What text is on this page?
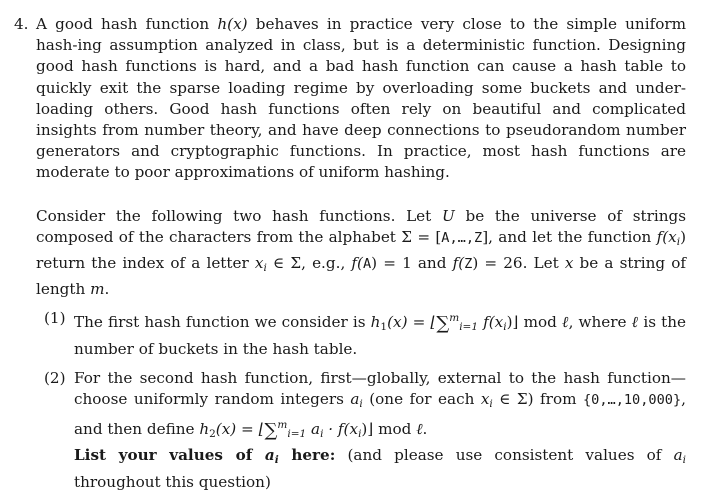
4. A good hash function h(x) behaves in practice very close to the simple uniform hash-ing assumption analyzed in class, but is a deterministic function. Designing good hash functions is hard, and a bad hash function can cause a hash table to quickly exit the sparse loading regime by overloading some buckets and under-loading others. Good hash functions often rely on beautiful and complicated insights from number theory, and have deep connections to pseudorandom number generators and cryptographic functions. In practice, most hash functions are moderate to poor approximations of uniform hashing.
Consider the following two hash functions. Let U be the universe of strings composed of the characters from the alphabet Σ = [A,…,Z], and let the function $f(x_i)$ return the index of a letter $x_i$ ∈ Σ, e.g., f(A) = 1 and f(Z) = 26. Let x be a string of length m.
(1) The first hash function we consider is $h_1(x)$ = ⌊∑$^m_{i=1}$ $f(x_i)⌋$ mod ℓ, where ℓ is the number of buckets in the hash table.
(2) For the second hash function, first—globally, external to the hash function—choose uniformly random integers $a_i$ (one for each $x_i$ ∈ Σ) from {0,…,10,000}, and then define $h_2(x)$ = ⌊∑$^m_{i=1}$ $a_i$ · $f(x_i)⌋$ mod ℓ.
List your values of $a_i$ here: (and please use consistent values of $a_i$ throughout this question)
